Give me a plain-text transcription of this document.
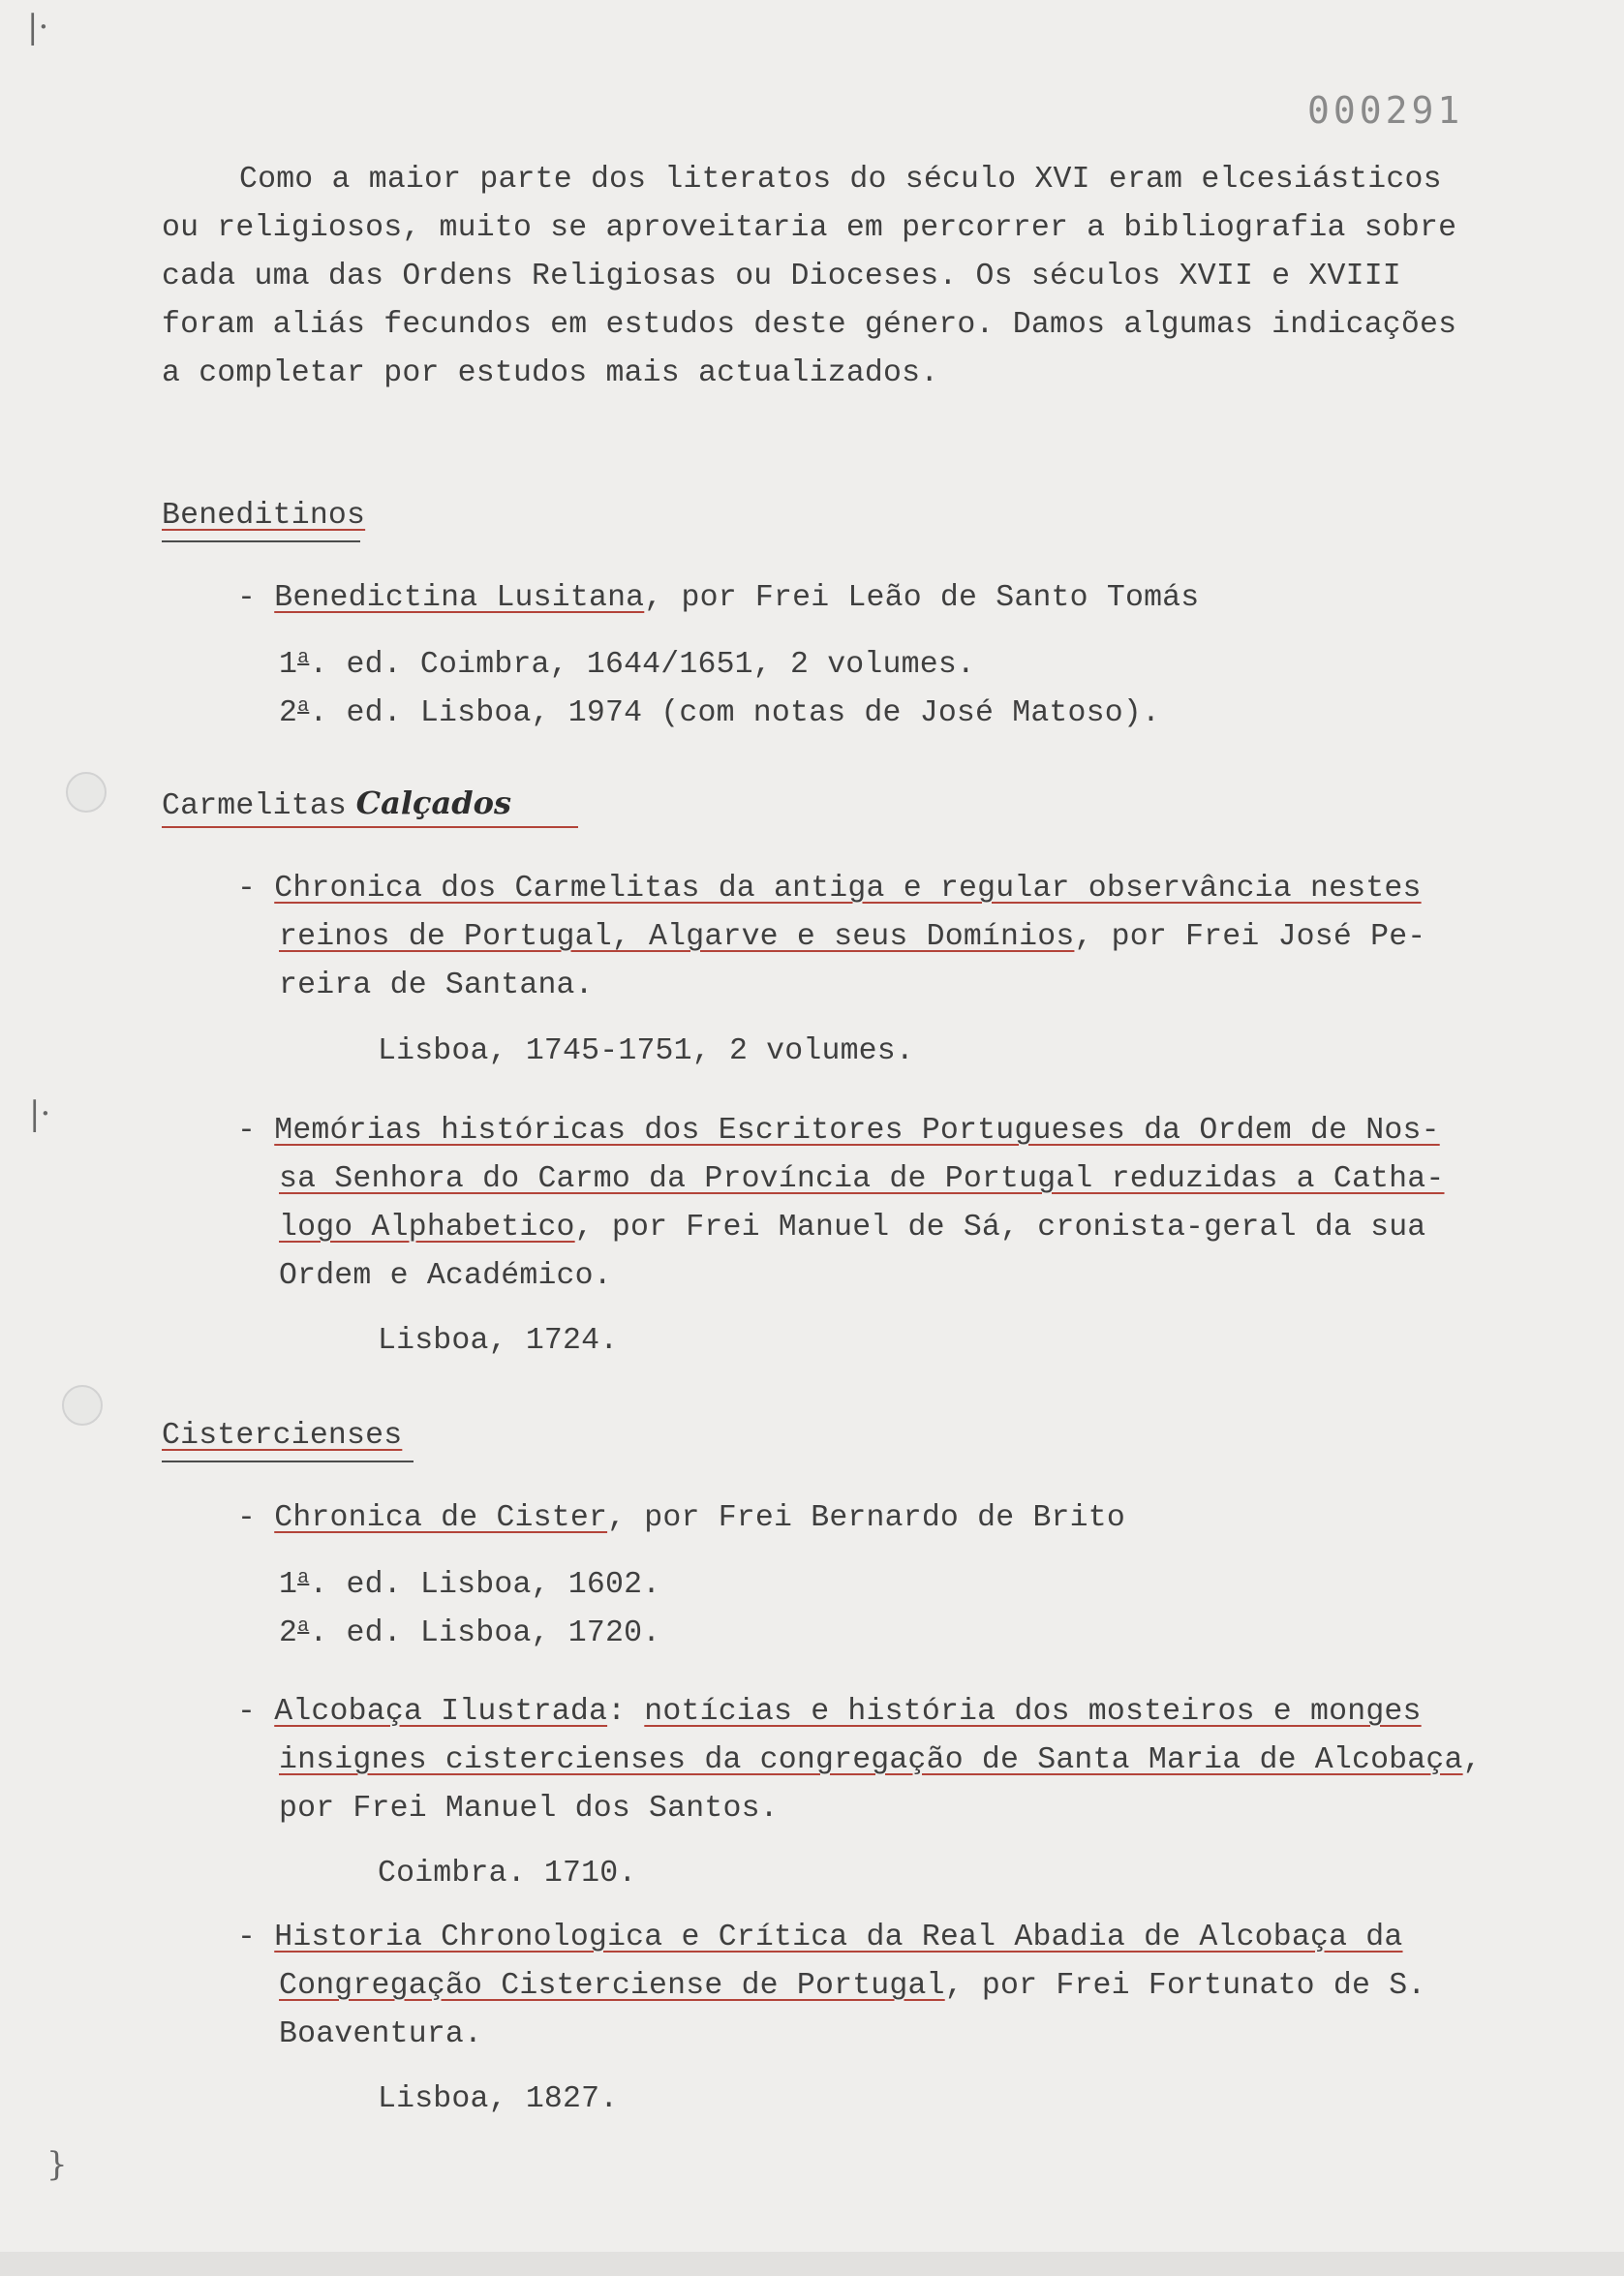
|·
|·
}
000291
Como a maior parte dos literatos do século XVI eram elcesiásticos
ou religiosos, muito se aproveitaria em percorrer a bibliografia sobre
cada uma das Ordens Religiosas ou Dioceses. Os séculos XVII e XVIII
foram aliás fecundos em estudos deste género. Damos algumas indicações
a completar por estudos mais actualizados.
Beneditinos
- Benedictina Lusitana, por Frei Leão de Santo Tomás
1$^a$. ed. Coimbra, 1644/1651, 2 volumes.
2$^a$. ed. Lisboa, 1974 (com notas de José Matoso).
Carmelitas Calçados
- Chronica dos Carmelitas da antiga e regular observância nestes
reinos de Portugal, Algarve e seus Domínios, por Frei José Pe-
reira de Santana.
Lisboa, 1745-1751, 2 volumes.
- Memórias históricas dos Escritores Portugueses da Ordem de Nos-
sa Senhora do Carmo da Província de Portugal reduzidas a Catha-
logo Alphabetico, por Frei Manuel de Sá, cronista-geral da sua
Ordem e Académico.
Lisboa, 1724.
Cistercienses
- Chronica de Cister, por Frei Bernardo de Brito
1$^a$. ed. Lisboa, 1602.
2$^a$. ed. Lisboa, 1720.
- Alcobaça Ilustrada: notícias e história dos mosteiros e monges
insignes cistercienses da congregação de Santa Maria de Alcobaça,
por Frei Manuel dos Santos.
Coimbra. 1710.
- Historia Chronologica e Crítica da Real Abadia de Alcobaça da
Congregação Cisterciense de Portugal, por Frei Fortunato de S.
Boaventura.
Lisboa, 1827.
